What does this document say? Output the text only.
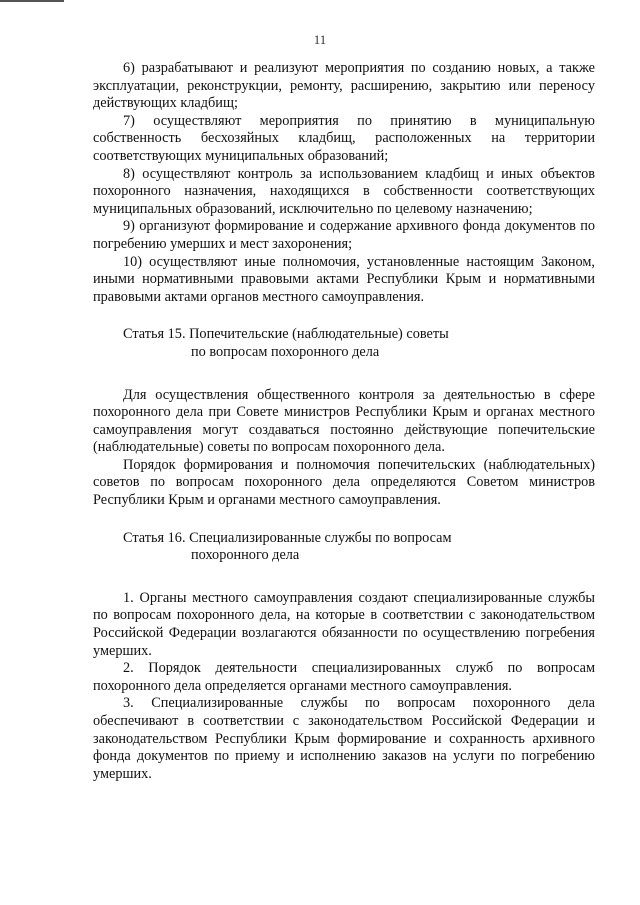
11

6) разрабатывают и реализуют мероприятия по созданию новых, а также эксплуатации, реконструкции, ремонту, расширению, закрытию или переносу действующих кладбищ;

7) осуществляют мероприятия по принятию в муниципальную собственность бесхозяйных кладбищ, расположенных на территории соответствующих муниципальных образований;

8) осуществляют контроль за использованием кладбищ и иных объектов похоронного назначения, находящихся в собственности соответствующих муниципальных образований, исключительно по целевому назначению;

9) организуют формирование и содержание архивного фонда документов по погребению умерших и мест захоронения;

10) осуществляют иные полномочия, установленные настоящим Законом, иными нормативными правовыми актами Республики Крым и нормативными правовыми актами органов местного самоуправления.

Статья 15. Попечительские (наблюдательные) советы
по вопросам похоронного дела

Для осуществления общественного контроля за деятельностью в сфере похоронного дела при Совете министров Республики Крым и органах местного самоуправления могут создаваться постоянно действующие попечительские (наблюдательные) советы по вопросам похоронного дела.

Порядок формирования и полномочия попечительских (наблюдательных) советов по вопросам похоронного дела определяются Советом министров Республики Крым и органами местного самоуправления.

Статья 16. Специализированные службы по вопросам
похоронного дела

1. Органы местного самоуправления создают специализированные службы по вопросам похоронного дела, на которые в соответствии с законодательством Российской Федерации возлагаются обязанности по осуществлению погребения умерших.

2. Порядок деятельности специализированных служб по вопросам похоронного дела определяется органами местного самоуправления.

3. Специализированные службы по вопросам похоронного дела обеспечивают в соответствии с законодательством Российской Федерации и законодательством Республики Крым формирование и сохранность архивного фонда документов по приему и исполнению заказов на услуги по погребению умерших.
